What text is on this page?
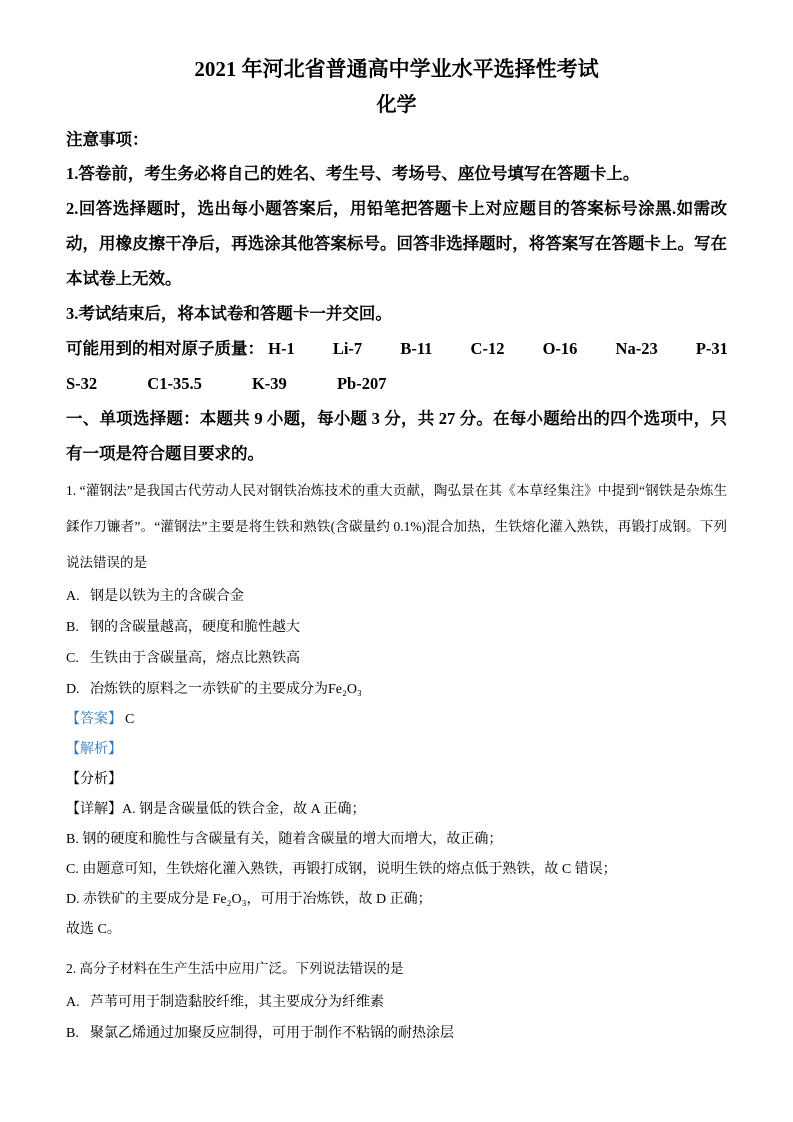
2021 年河北省普通高中学业水平选择性考试
化学

注意事项：

1.答卷前，考生务必将自己的姓名、考生号、考场号、座位号填写在答题卡上。

2.回答选择题时，选出每小题答案后，用铅笔把答题卡上对应题目的答案标号涂黑.如需改动，用橡皮擦干净后，再选涂其他答案标号。回答非选择题时，将答案写在答题卡上。写在本试卷上无效。

3.考试结束后，将本试卷和答题卡一并交回。

可能用到的相对原子质量： H-1 Li-7 B-11 C-12 O-16 Na-23 P-31

S-32	C1-35.5	K-39	Pb-207

一、单项选择题：本题共 9 小题，每小题 3 分，共 27 分。在每小题给出的四个选项中，只有一项是符合题目要求的。

1. “灌钢法”是我国古代劳动人民对钢铁冶炼技术的重大贡献，陶弘景在其《本草经集注》中提到“钢铁是杂炼生鍒作刀镰者”。“灌钢法”主要是将生铁和熟铁(含碳量约 0.1%)混合加热，生铁熔化灌入熟铁，再锻打成钢。下列说法错误的是

A. 钢是以铁为主的含碳合金
B. 钢的含碳量越高，硬度和脆性越大
C. 生铁由于含碳量高，熔点比熟铁高
D. 冶炼铁的原料之一赤铁矿的主要成分为Fe₂O₃
【答案】 C
【解析】
【分析】
【详解】A. 钢是含碳量低的铁合金，故 A 正确；
B. 钢的硬度和脆性与含碳量有关，随着含碳量的增大而增大，故正确；
C. 由题意可知，生铁熔化灌入熟铁，再锻打成钢，说明生铁的熔点低于熟铁，故 C 错误；
D. 赤铁矿的主要成分是 Fe₂O₃，可用于冶炼铁，故 D 正确；
故选 C。

2. 高分子材料在生产生活中应用广泛。下列说法错误的是

A. 芦苇可用于制造黏胶纤维，其主要成分为纤维素
B. 聚氯乙烯通过加聚反应制得，可用于制作不粘锅的耐热涂层
